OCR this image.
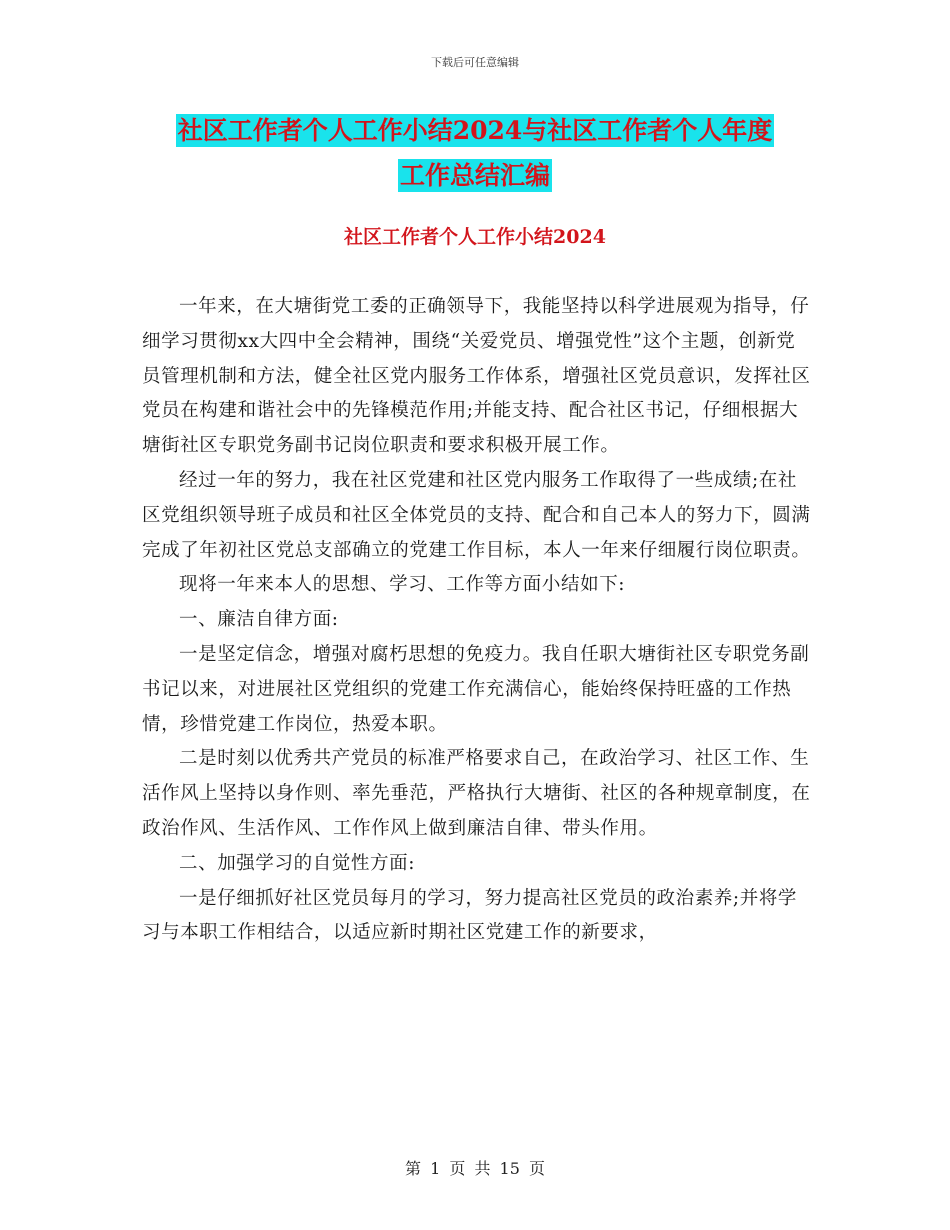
下载后可任意编辑
社区工作者个人工作小结2024与社区工作者个人年度
工作总结汇编
社区工作者个人工作小结2024

一年来，在大塘街党工委的正确领导下，我能坚持以科学进展观为指导，仔细学习贯彻xx大四中全会精神，围绕“关爱党员、增强党性”这个主题，创新党员管理机制和方法，健全社区党内服务工作体系，增强社区党员意识，发挥社区党员在构建和谐社会中的先锋模范作用;并能支持、配合社区书记，仔细根据大塘街社区专职党务副书记岗位职责和要求积极开展工作。

经过一年的努力，我在社区党建和社区党内服务工作取得了一些成绩;在社区党组织领导班子成员和社区全体党员的支持、配合和自己本人的努力下，圆满完成了年初社区党总支部确立的党建工作目标，本人一年来仔细履行岗位职责。

现将一年来本人的思想、学习、工作等方面小结如下:

一、廉洁自律方面:

一是坚定信念，增强对腐朽思想的免疫力。我自任职大塘街社区专职党务副书记以来，对进展社区党组织的党建工作充满信心，能始终保持旺盛的工作热情，珍惜党建工作岗位，热爱本职。

二是时刻以优秀共产党员的标准严格要求自己，在政治学习、社区工作、生活作风上坚持以身作则、率先垂范，严格执行大塘街、社区的各种规章制度，在政治作风、生活作风、工作作风上做到廉洁自律、带头作用。

二、加强学习的自觉性方面:

一是仔细抓好社区党员每月的学习，努力提高社区党员的政治素养;并将学习与本职工作相结合，以适应新时期社区党建工作的新要求，

第 1 页 共 15 页
